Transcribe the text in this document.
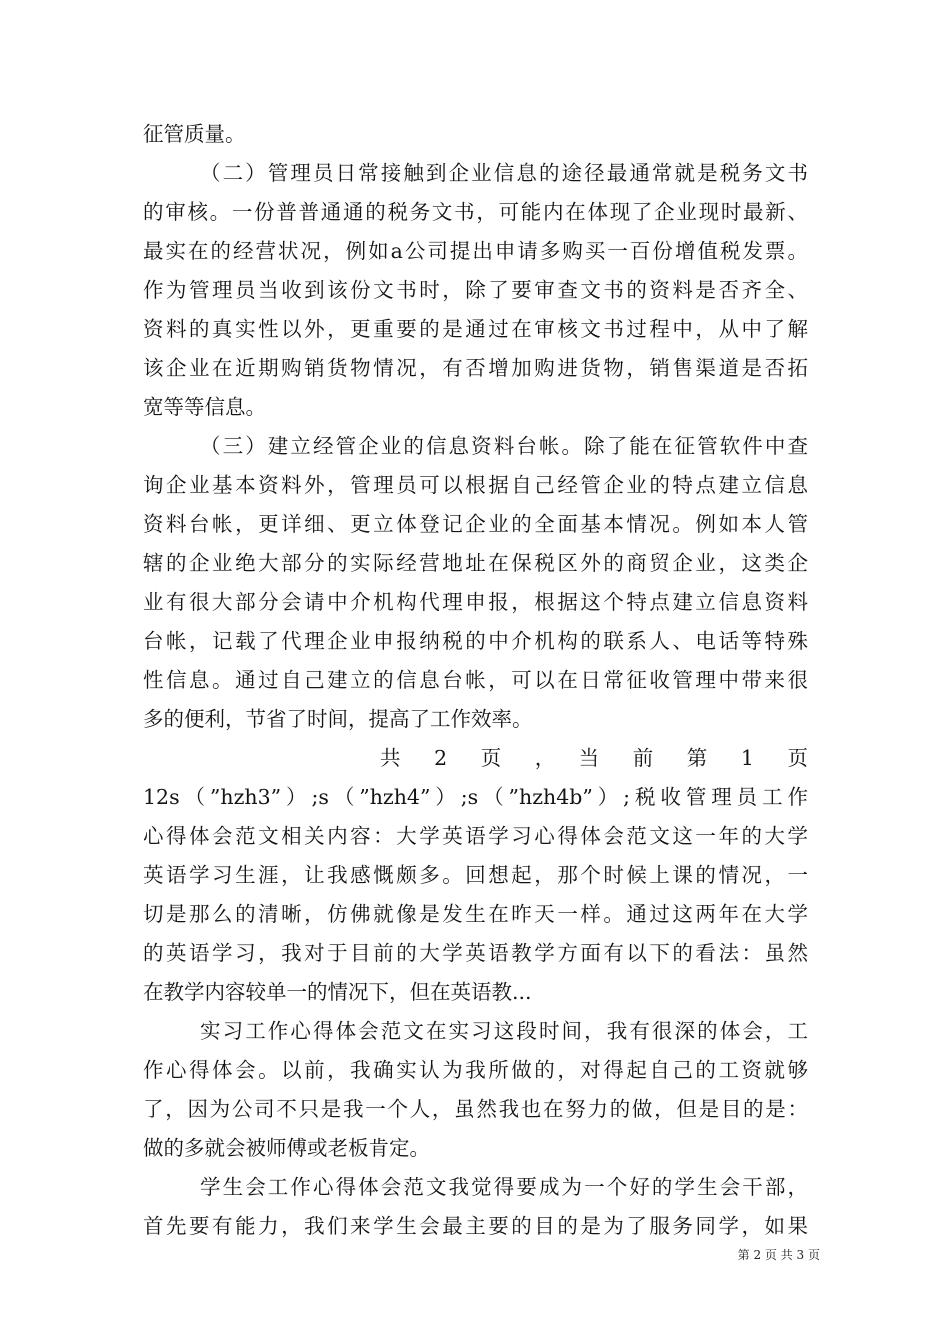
征管质量。
（二）管理员日常接触到企业信息的途径最通常就是税务文书
的审核。一份普普通通的税务文书，可能内在体现了企业现时最新、
最实在的经营状况，例如a公司提出申请多购买一百份增值税发票。
作为管理员当收到该份文书时，除了要审查文书的资料是否齐全、
资料的真实性以外，更重要的是通过在审核文书过程中，从中了解
该企业在近期购销货物情况，有否增加购进货物，销售渠道是否拓
宽等等信息。
（三）建立经管企业的信息资料台帐。除了能在征管软件中查
询企业基本资料外，管理员可以根据自己经管企业的特点建立信息
资料台帐，更详细、更立体登记企业的全面基本情况。例如本人管
辖的企业绝大部分的实际经营地址在保税区外的商贸企业，这类企
业有很大部分会请中介机构代理申报，根据这个特点建立信息资料
台帐，记载了代理企业申报纳税的中介机构的联系人、电话等特殊
性信息。通过自己建立的信息台帐，可以在日常征收管理中带来很
多的便利，节省了时间，提高了工作效率。
共　2　页　，　当　前　第　1　页
12s（”hzh3”）;s（”hzh4”）;s（”hzh4b”）;税收管理员工作
心得体会范文相关内容：大学英语学习心得体会范文这一年的大学
英语学习生涯，让我感慨颇多。回想起，那个时候上课的情况，一
切是那么的清晰，仿佛就像是发生在昨天一样。通过这两年在大学
的英语学习，我对于目前的大学英语教学方面有以下的看法：虽然
在教学内容较单一的情况下，但在英语教...
实习工作心得体会范文在实习这段时间，我有很深的体会，工
作心得体会。以前，我确实认为我所做的，对得起自己的工资就够
了，因为公司不只是我一个人，虽然我也在努力的做，但是目的是：
做的多就会被师傅或老板肯定。
学生会工作心得体会范文我觉得要成为一个好的学生会干部，
首先要有能力，我们来学生会最主要的目的是为了服务同学，如果
第 2 页 共 3 页
